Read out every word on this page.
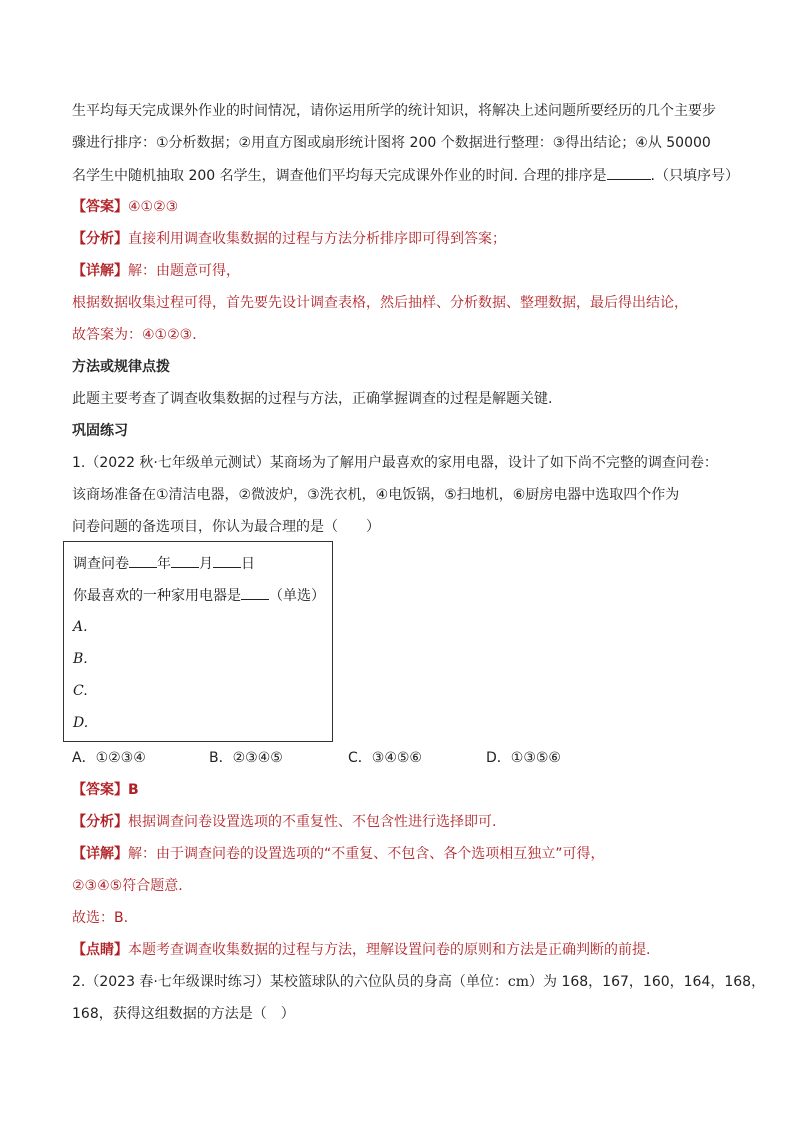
生平均每天完成课外作业的时间情况，请你运用所学的统计知识，将解决上述问题所要经历的几个主要步
骤进行排序：①分析数据；②用直方图或扇形统计图将 200 个数据进行整理：③得出结论；④从 50000
名学生中随机抽取 200 名学生，调查他们平均每天完成课外作业的时间. 合理的排序是	.（只填序号）
【答案】④①②③
【分析】直接利用调查收集数据的过程与方法分析排序即可得到答案；
【详解】解：由题意可得，
根据数据收集过程可得，首先要先设计调查表格，然后抽样、分析数据、整理数据，最后得出结论，
故答案为：④①②③.
方法或规律点拨
此题主要考查了调查收集数据的过程与方法，正确掌握调查的过程是解题关键.
巩固练习
1.（2022 秋·七年级单元测试）某商场为了解用户最喜欢的家用电器，设计了如下尚不完整的调查问卷：
该商场准备在①清洁电器，②微波炉，③洗衣机，④电饭锅，⑤扫地机，⑥厨房电器中选取四个作为
问卷问题的备选项目，你认为最合理的是（　　）
调查问卷 年 月 日
你最喜欢的一种家用电器是 （单选）
A.
B.
C.
D.
A．①②③④	B．②③④⑤	C．③④⑤⑥	D．①③⑤⑥
【答案】B
【分析】根据调查问卷设置选项的不重复性、不包含性进行选择即可.
【详解】解：由于调查问卷的设置选项的“不重复、不包含、各个选项相互独立”可得，
②③④⑤符合题意.
故选：B.
【点睛】本题考查调查收集数据的过程与方法，理解设置问卷的原则和方法是正确判断的前提.
2.（2023 春·七年级课时练习）某校篮球队的六位队员的身高（单位：cm）为 168，167，160，164，168，
168，获得这组数据的方法是（　）
